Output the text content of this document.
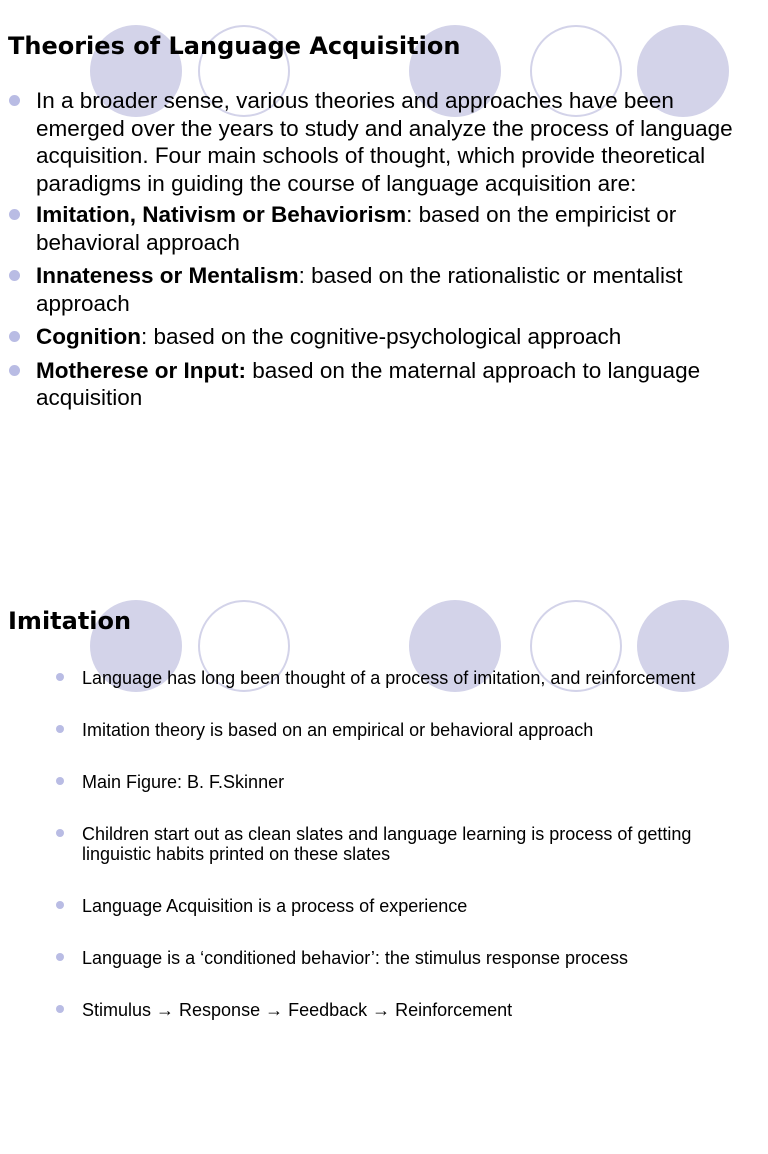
Theories of Language Acquisition
In a broader sense, various theories and approaches have been emerged over the years to study and analyze the process of language acquisition. Four main schools of thought, which provide theoretical paradigms in guiding the course of language acquisition are:
Imitation, Nativism or Behaviorism: based on the empiricist or behavioral approach
Innateness or Mentalism: based on the rationalistic or mentalist approach
Cognition: based on the cognitive-psychological approach
Motherese or Input: based on the maternal approach to language acquisition
Imitation
Language has long been thought of a process of imitation, and reinforcement
Imitation theory is based on an empirical or behavioral approach
Main Figure: B. F.Skinner
Children start out as clean slates and language learning is process of getting linguistic habits printed on these slates
Language Acquisition is a process of experience
Language is a ‘conditioned behavior’: the stimulus response process
Stimulus → Response → Feedback → Reinforcement
